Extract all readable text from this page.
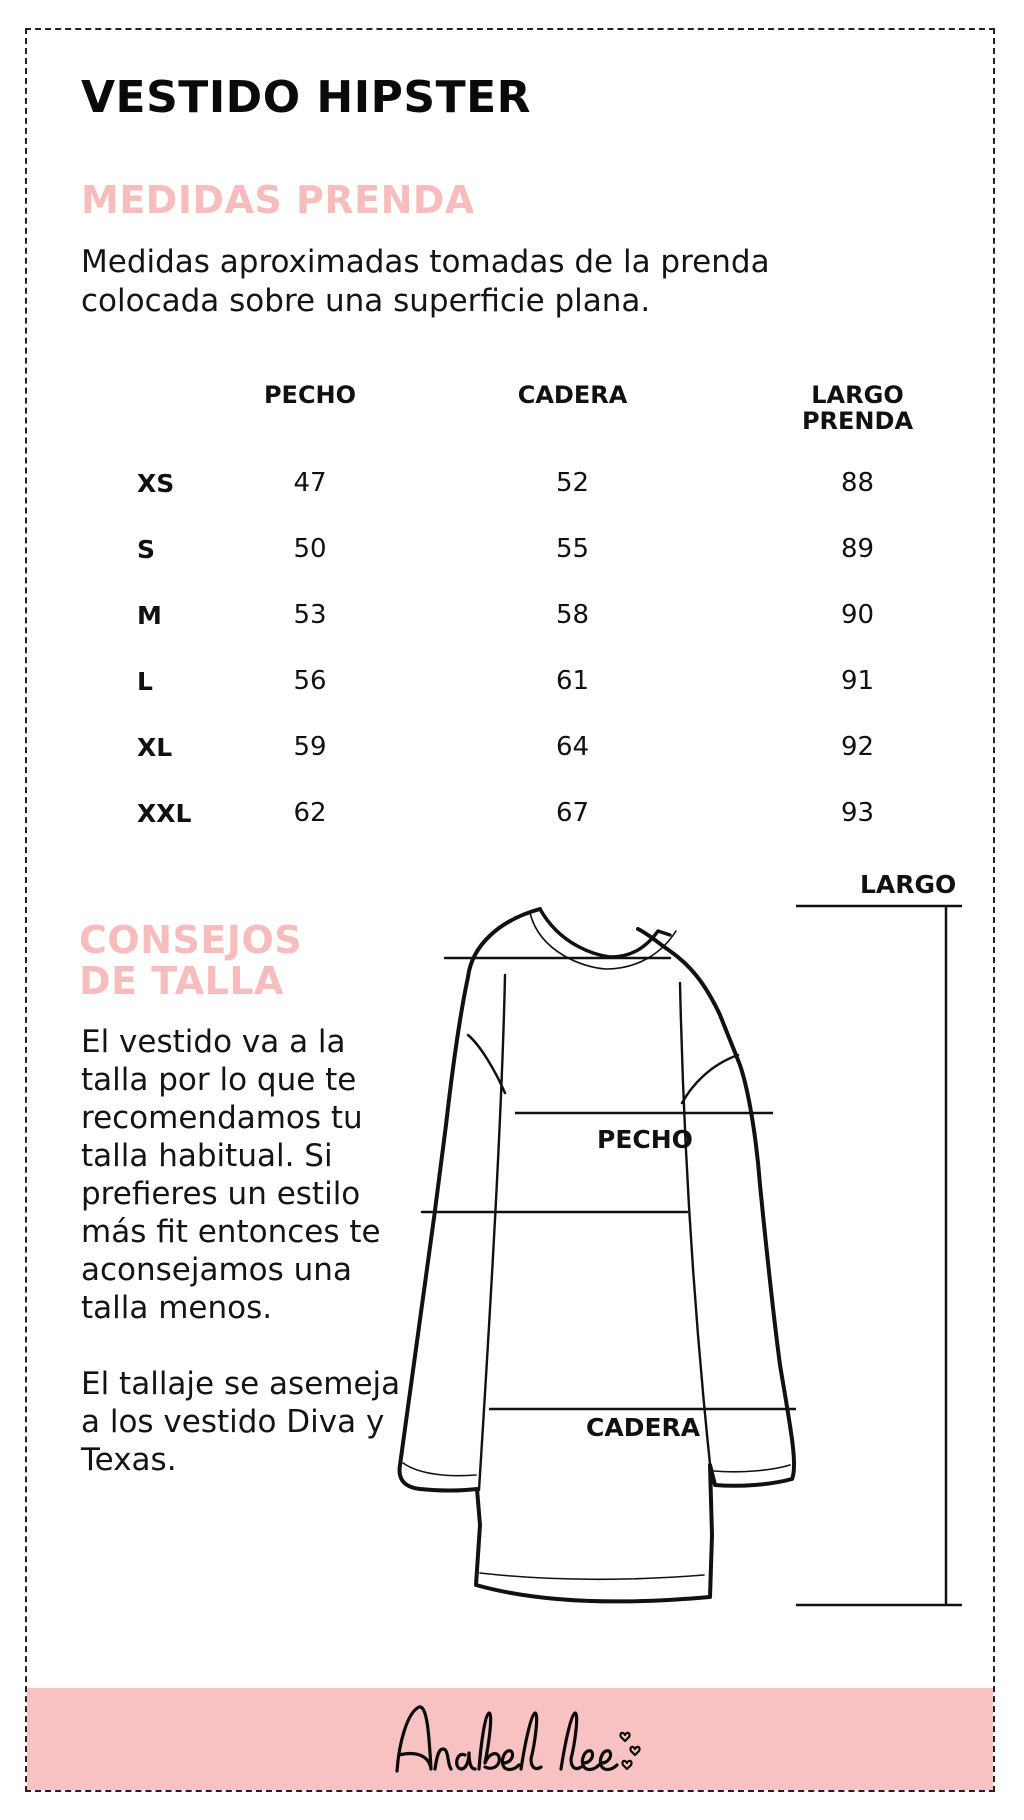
VESTIDO HIPSTER
MEDIDAS PRENDA

Medidas aproximadas tomadas de la prenda colocada sobre una superficie plana.

	PECHO	CADERA	LARGO
PRENDA
XS	47	52	88
S	50	55	89
M	53	58	90
L	56	61	91
XL	59	64	92
XXL	62	67	93
CONSEJOS
DE TALLA

El vestido va a la talla por lo que te recomendamos tu talla habitual. Si prefieres un estilo más fit entonces te aconsejamos una talla menos.

El tallaje se asemeja a los vestido Diva y Texas.

LARGO

PECHO

CADERA
